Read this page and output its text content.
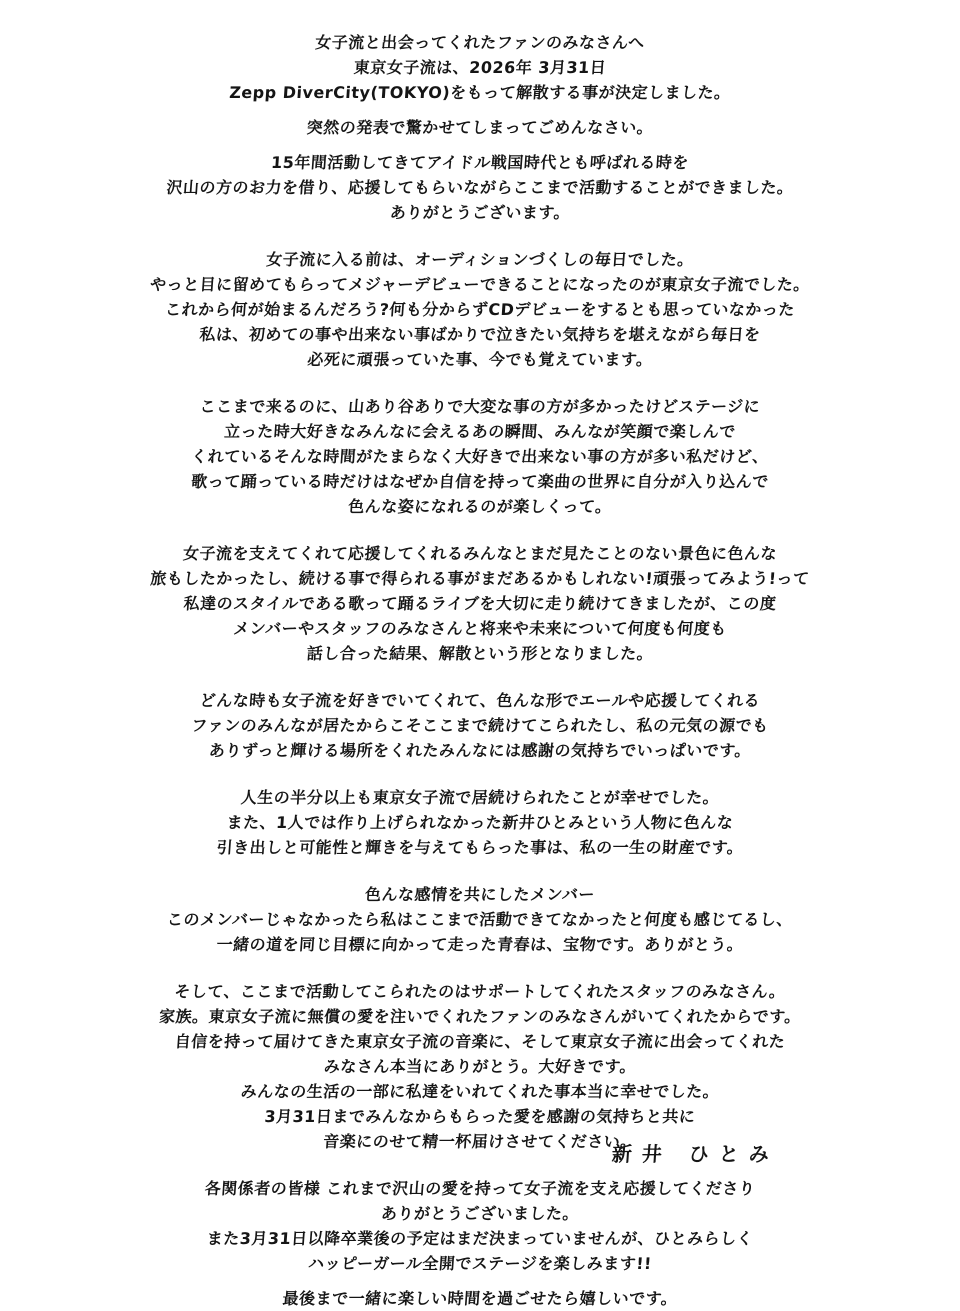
女子流と出会ってくれたファンのみなさんへ
東京女子流は、2026年 3月31日
Zepp DiverCity(TOKYO)をもって解散する事が決定しました。
突然の発表で驚かせてしまってごめんなさい。
15年間活動してきてアイドル戦国時代とも呼ばれる時を
沢山の方のお力を借り、応援してもらいながらここまで活動することができました。
ありがとうございます。
女子流に入る前は、オーディションづくしの毎日でした。
やっと目に留めてもらってメジャーデビューできることになったのが東京女子流でした。
これから何が始まるんだろう?何も分からずCDデビューをするとも思っていなかった
私は、初めての事や出来ない事ばかりで泣きたい気持ちを堪えながら毎日を
必死に頑張っていた事、今でも覚えています。
ここまで来るのに、山あり谷ありで大変な事の方が多かったけどステージに
立った時大好きなみんなに会えるあの瞬間、みんなが笑顔で楽しんで
くれているそんな時間がたまらなく大好きで出来ない事の方が多い私だけど、
歌って踊っている時だけはなぜか自信を持って楽曲の世界に自分が入り込んで
色んな姿になれるのが楽しくって。
女子流を支えてくれて応援してくれるみんなとまだ見たことのない景色に色んな
旅もしたかったし、続ける事で得られる事がまだあるかもしれない!頑張ってみよう!って
私達のスタイルである歌って踊るライブを大切に走り続けてきましたが、この度
メンバーやスタッフのみなさんと将来や未来について何度も何度も
話し合った結果、解散という形となりました。
どんな時も女子流を好きでいてくれて、色んな形でエールや応援してくれる
ファンのみんなが居たからこそここまで続けてこられたし、私の元気の源でも
ありずっと輝ける場所をくれたみんなには感謝の気持ちでいっぱいです。
人生の半分以上も東京女子流で居続けられたことが幸せでした。
また、1人では作り上げられなかった新井ひとみという人物に色んな
引き出しと可能性と輝きを与えてもらった事は、私の一生の財産です。
色んな感情を共にしたメンバー
このメンバーじゃなかったら私はここまで活動できてなかったと何度も感じてるし、
一緒の道を同じ目標に向かって走った青春は、宝物です。ありがとう。
そして、ここまで活動してこられたのはサポートしてくれたスタッフのみなさん。
家族。東京女子流に無償の愛を注いでくれたファンのみなさんがいてくれたからです。
自信を持って届けてきた東京女子流の音楽に、そして東京女子流に出会ってくれた
みなさん本当にありがとう。大好きです。
みんなの生活の一部に私達をいれてくれた事本当に幸せでした。
3月31日までみんなからもらった愛を感謝の気持ちと共に
音楽にのせて精一杯届けさせてください。
各関係者の皆様 これまで沢山の愛を持って女子流を支え応援してくださり
ありがとうございました。
また3月31日以降卒業後の予定はまだ決まっていませんが、ひとみらしく
ハッピーガール全開でステージを楽しみます!!
最後まで一緒に楽しい時間を過ごせたら嬉しいです。
新井 ひとみ
